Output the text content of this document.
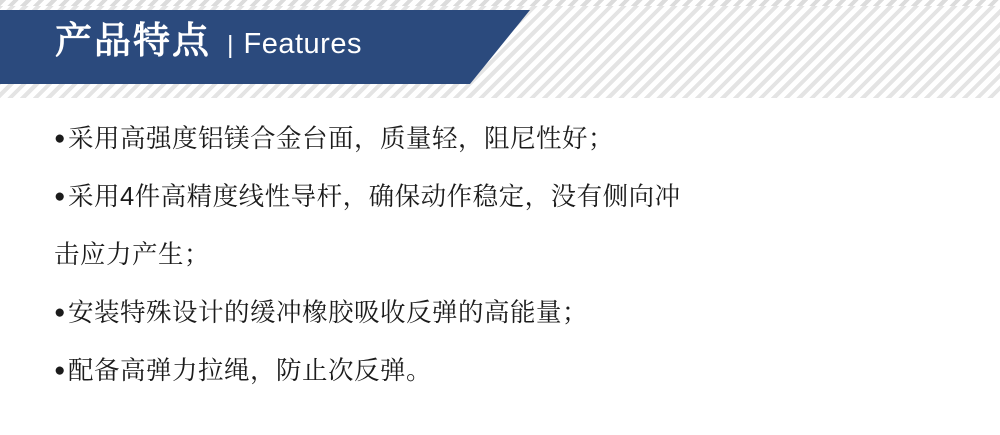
产品特点 | Features
●采用高强度铝镁合金台面，质量轻，阻尼性好；
●采用4件高精度线性导杆，确保动作稳定，没有侧向冲
击应力产生；
●安装特殊设计的缓冲橡胶吸收反弹的高能量；
●配备高弹力拉绳，防止次反弹。
